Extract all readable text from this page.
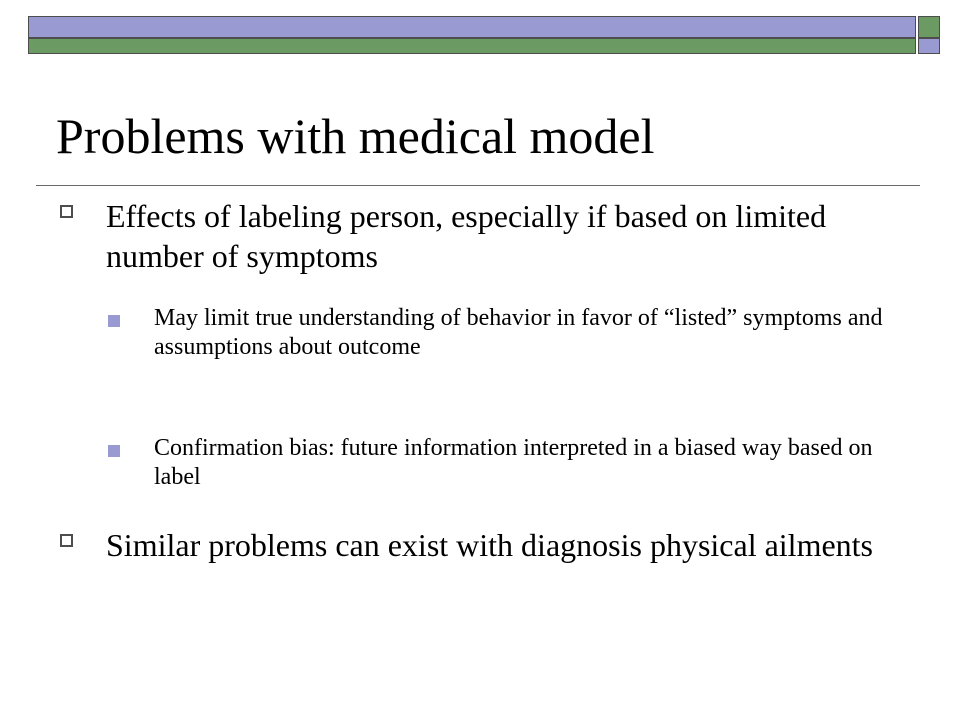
Problems with medical model
Effects of labeling person, especially if based on limited number of symptoms
May limit true understanding of behavior in favor of “listed” symptoms and assumptions about outcome
Confirmation bias: future information interpreted in a biased way based on label
Similar problems can exist with diagnosis physical ailments
